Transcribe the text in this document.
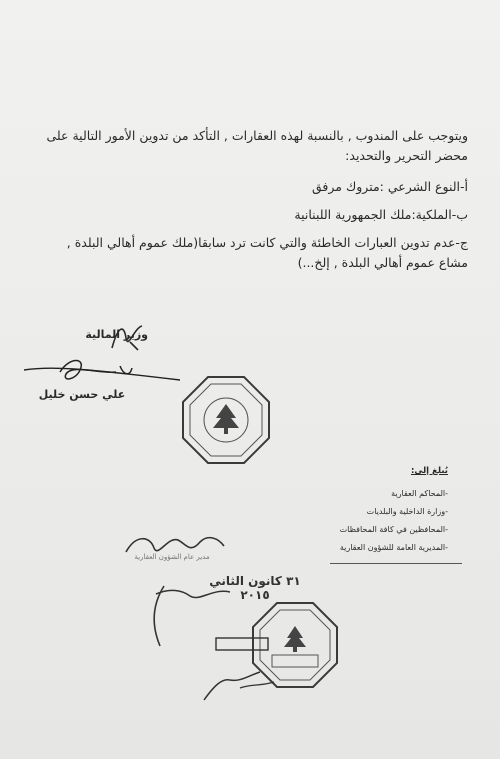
ويتوجب على المندوب , بالنسبة لهذه العقارات , التأكد من تدوين الأمور التالية على محضر التحرير والتحديد:

أ-النوع الشرعي :متروك مرفق

ب-الملكية:ملك الجمهورية اللبنانية

ج-عدم تدوين العبارات الخاطئة والتي كانت ترد سابقا(ملك عموم أهالي البلدة , مشاع عموم أهالي البلدة , إلخ...)

وزير المالية
علي حسن خليل
يُبلغ إلى:
-المحاكم العقارية
-وزارة الداخلية والبلديات
-المحافظين في كافة المحافظات
-المديرية العامة للشؤون العقارية
مدير عام الشؤون العقارية
٣١ كانون الثاني ٢٠١٥
